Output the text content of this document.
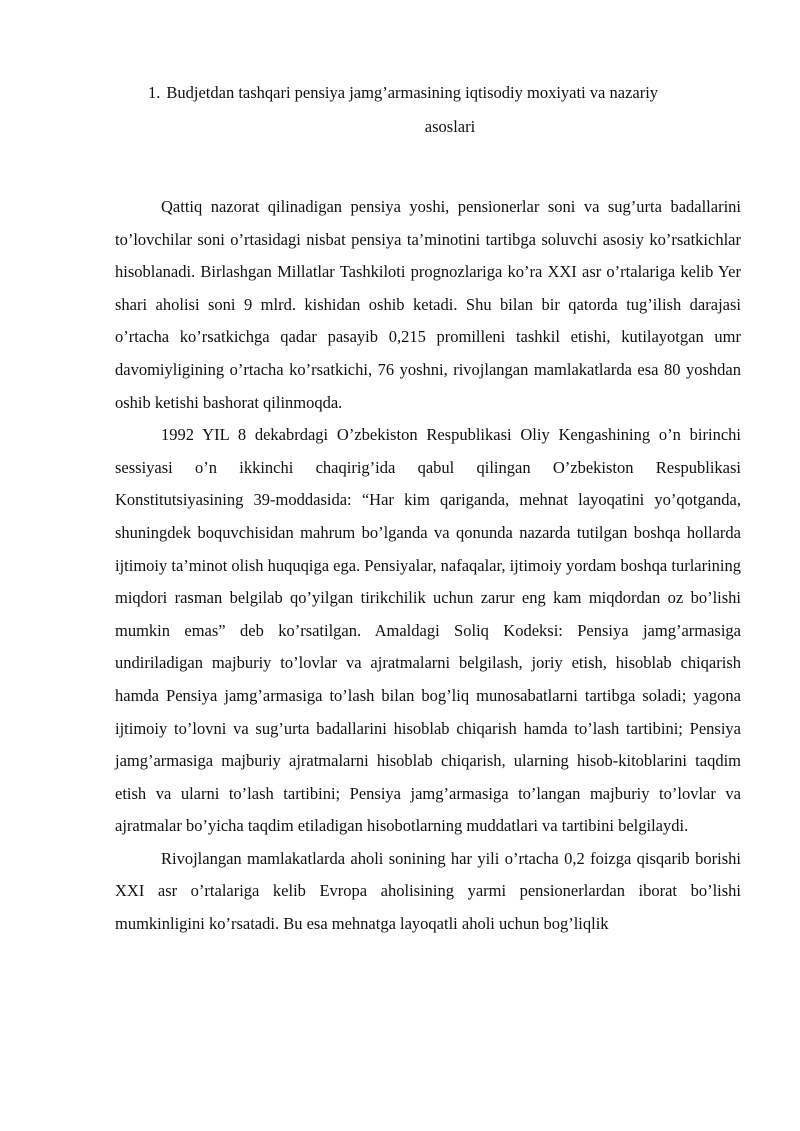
1. Budjetdan tashqari pensiya jamg’armasining iqtisodiy moxiyati va nazariy
asoslari

Qattiq nazorat qilinadigan pensiya yoshi, pensionerlar soni va sug’urta badallarini to’lovchilar soni o’rtasidagi nisbat pensiya ta’minotini tartibga soluvchi asosiy ko’rsatkichlar hisoblanadi. Birlashgan Millatlar Tashkiloti prognozlariga ko’ra XXI asr o’rtalariga kelib Yer shari aholisi soni 9 mlrd. kishidan oshib ketadi. Shu bilan bir qatorda tug’ilish darajasi o’rtacha ko’rsatkichga qadar pasayib 0,215 promilleni tashkil etishi, kutilayotgan umr davomiyligining o’rtacha ko’rsatkichi, 76 yoshni, rivojlangan mamlakatlarda esa 80 yoshdan oshib ketishi bashorat qilinmoqda.

1992 YIL 8 dekabrdagi O’zbekiston Respublikasi Oliy Kengashining o’n birinchi sessiyasi o’n ikkinchi chaqirig’ida qabul qilingan O’zbekiston Respublikasi Konstitutsiyasining 39-moddasida: “Har kim qariganda, mehnat layoqatini yo’qotganda, shuningdek boquvchisidan mahrum bo’lganda va qonunda nazarda tutilgan boshqa hollarda ijtimoiy ta’minot olish huquqiga ega. Pensiyalar, nafaqalar, ijtimoiy yordam boshqa turlarining miqdori rasman belgilab qo’yilgan tirikchilik uchun zarur eng kam miqdordan oz bo’lishi mumkin emas” deb ko’rsatilgan. Amaldagi Soliq Kodeksi: Pensiya jamg’armasiga undiriladigan majburiy to’lovlar va ajratmalarni belgilash, joriy etish, hisoblab chiqarish hamda Pensiya jamg’armasiga to’lash bilan bog’liq munosabatlarni tartibga soladi; yagona ijtimoiy to’lovni va sug’urta badallarini hisoblab chiqarish hamda to’lash tartibini; Pensiya jamg’armasiga majburiy ajratmalarni hisoblab chiqarish, ularning hisob-kitoblarini taqdim etish va ularni to’lash tartibini; Pensiya jamg’armasiga to’langan majburiy to’lovlar va ajratmalar bo’yicha taqdim etiladigan hisobotlarning muddatlari va tartibini belgilaydi.

Rivojlangan mamlakatlarda aholi sonining har yili o’rtacha 0,2 foizga qisqarib borishi XXI asr o’rtalariga kelib Evropa aholisining yarmi pensionerlardan iborat bo’lishi mumkinligini ko’rsatadi. Bu esa mehnatga layoqatli aholi uchun bog’liqlik
